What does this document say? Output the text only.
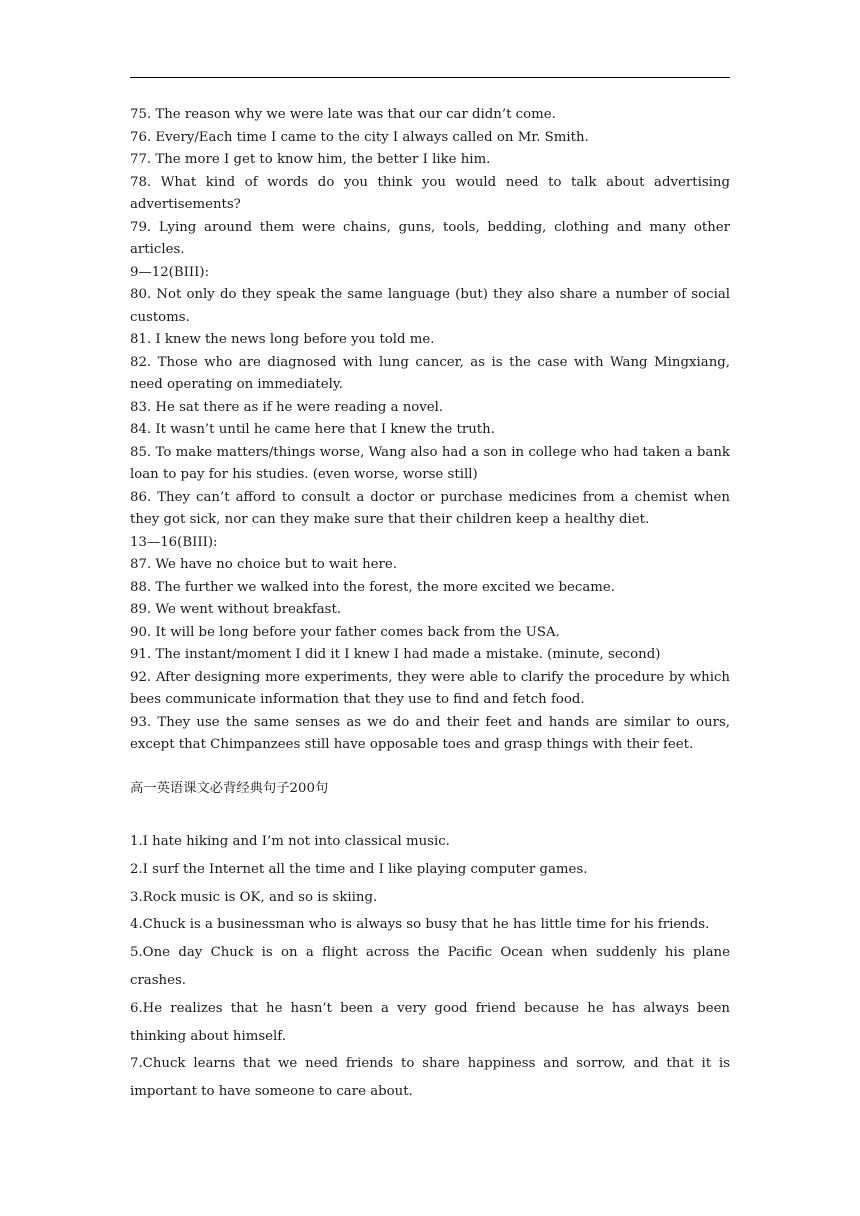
75. The reason why we were late was that our car didn’t come.

76. Every/Each time I came to the city I always called on Mr. Smith.

77. The more I get to know him, the better I like him.

78. What kind of words do you think you would need to talk about advertising advertisements?

79. Lying around them were chains, guns, tools, bedding, clothing and many other articles.

9—12(BIII):

80. Not only do they speak the same language (but) they also share a number of social customs.

81. I knew the news long before you told me.

82. Those who are diagnosed with lung cancer, as is the case with Wang Mingxiang, need operating on immediately.

83. He sat there as if he were reading a novel.

84. It wasn’t until he came here that I knew the truth.

85. To make matters/things worse, Wang also had a son in college who had taken a bank loan to pay for his studies. (even worse, worse still)

86. They can’t afford to consult a doctor or purchase medicines from a chemist when they got sick, nor can they make sure that their children keep a healthy diet.

13—16(BIII):

87. We have no choice but to wait here.

88. The further we walked into the forest, the more excited we became.

89. We went without breakfast.

90. It will be long before your father comes back from the USA.

91. The instant/moment I did it I knew I had made a mistake. (minute, second)

92. After designing more experiments, they were able to clarify the procedure by which bees communicate information that they use to find and fetch food.

93. They use the same senses as we do and their feet and hands are similar to ours, except that Chimpanzees still have opposable toes and grasp things with their feet.

高一英语课文必背经典句子200句

1.I hate hiking and I’m not into classical music.

2.I surf the Internet all the time and I like playing computer games.

3.Rock music is OK, and so is skiing.

4.Chuck is a businessman who is always so busy that he has little time for his friends.

5.One day Chuck is on a flight across the Pacific Ocean when suddenly his plane crashes.

6.He realizes that he hasn’t been a very good friend because he has always been thinking about himself.

7.Chuck learns that we need friends to share happiness and sorrow, and that it is important to have someone to care about.
